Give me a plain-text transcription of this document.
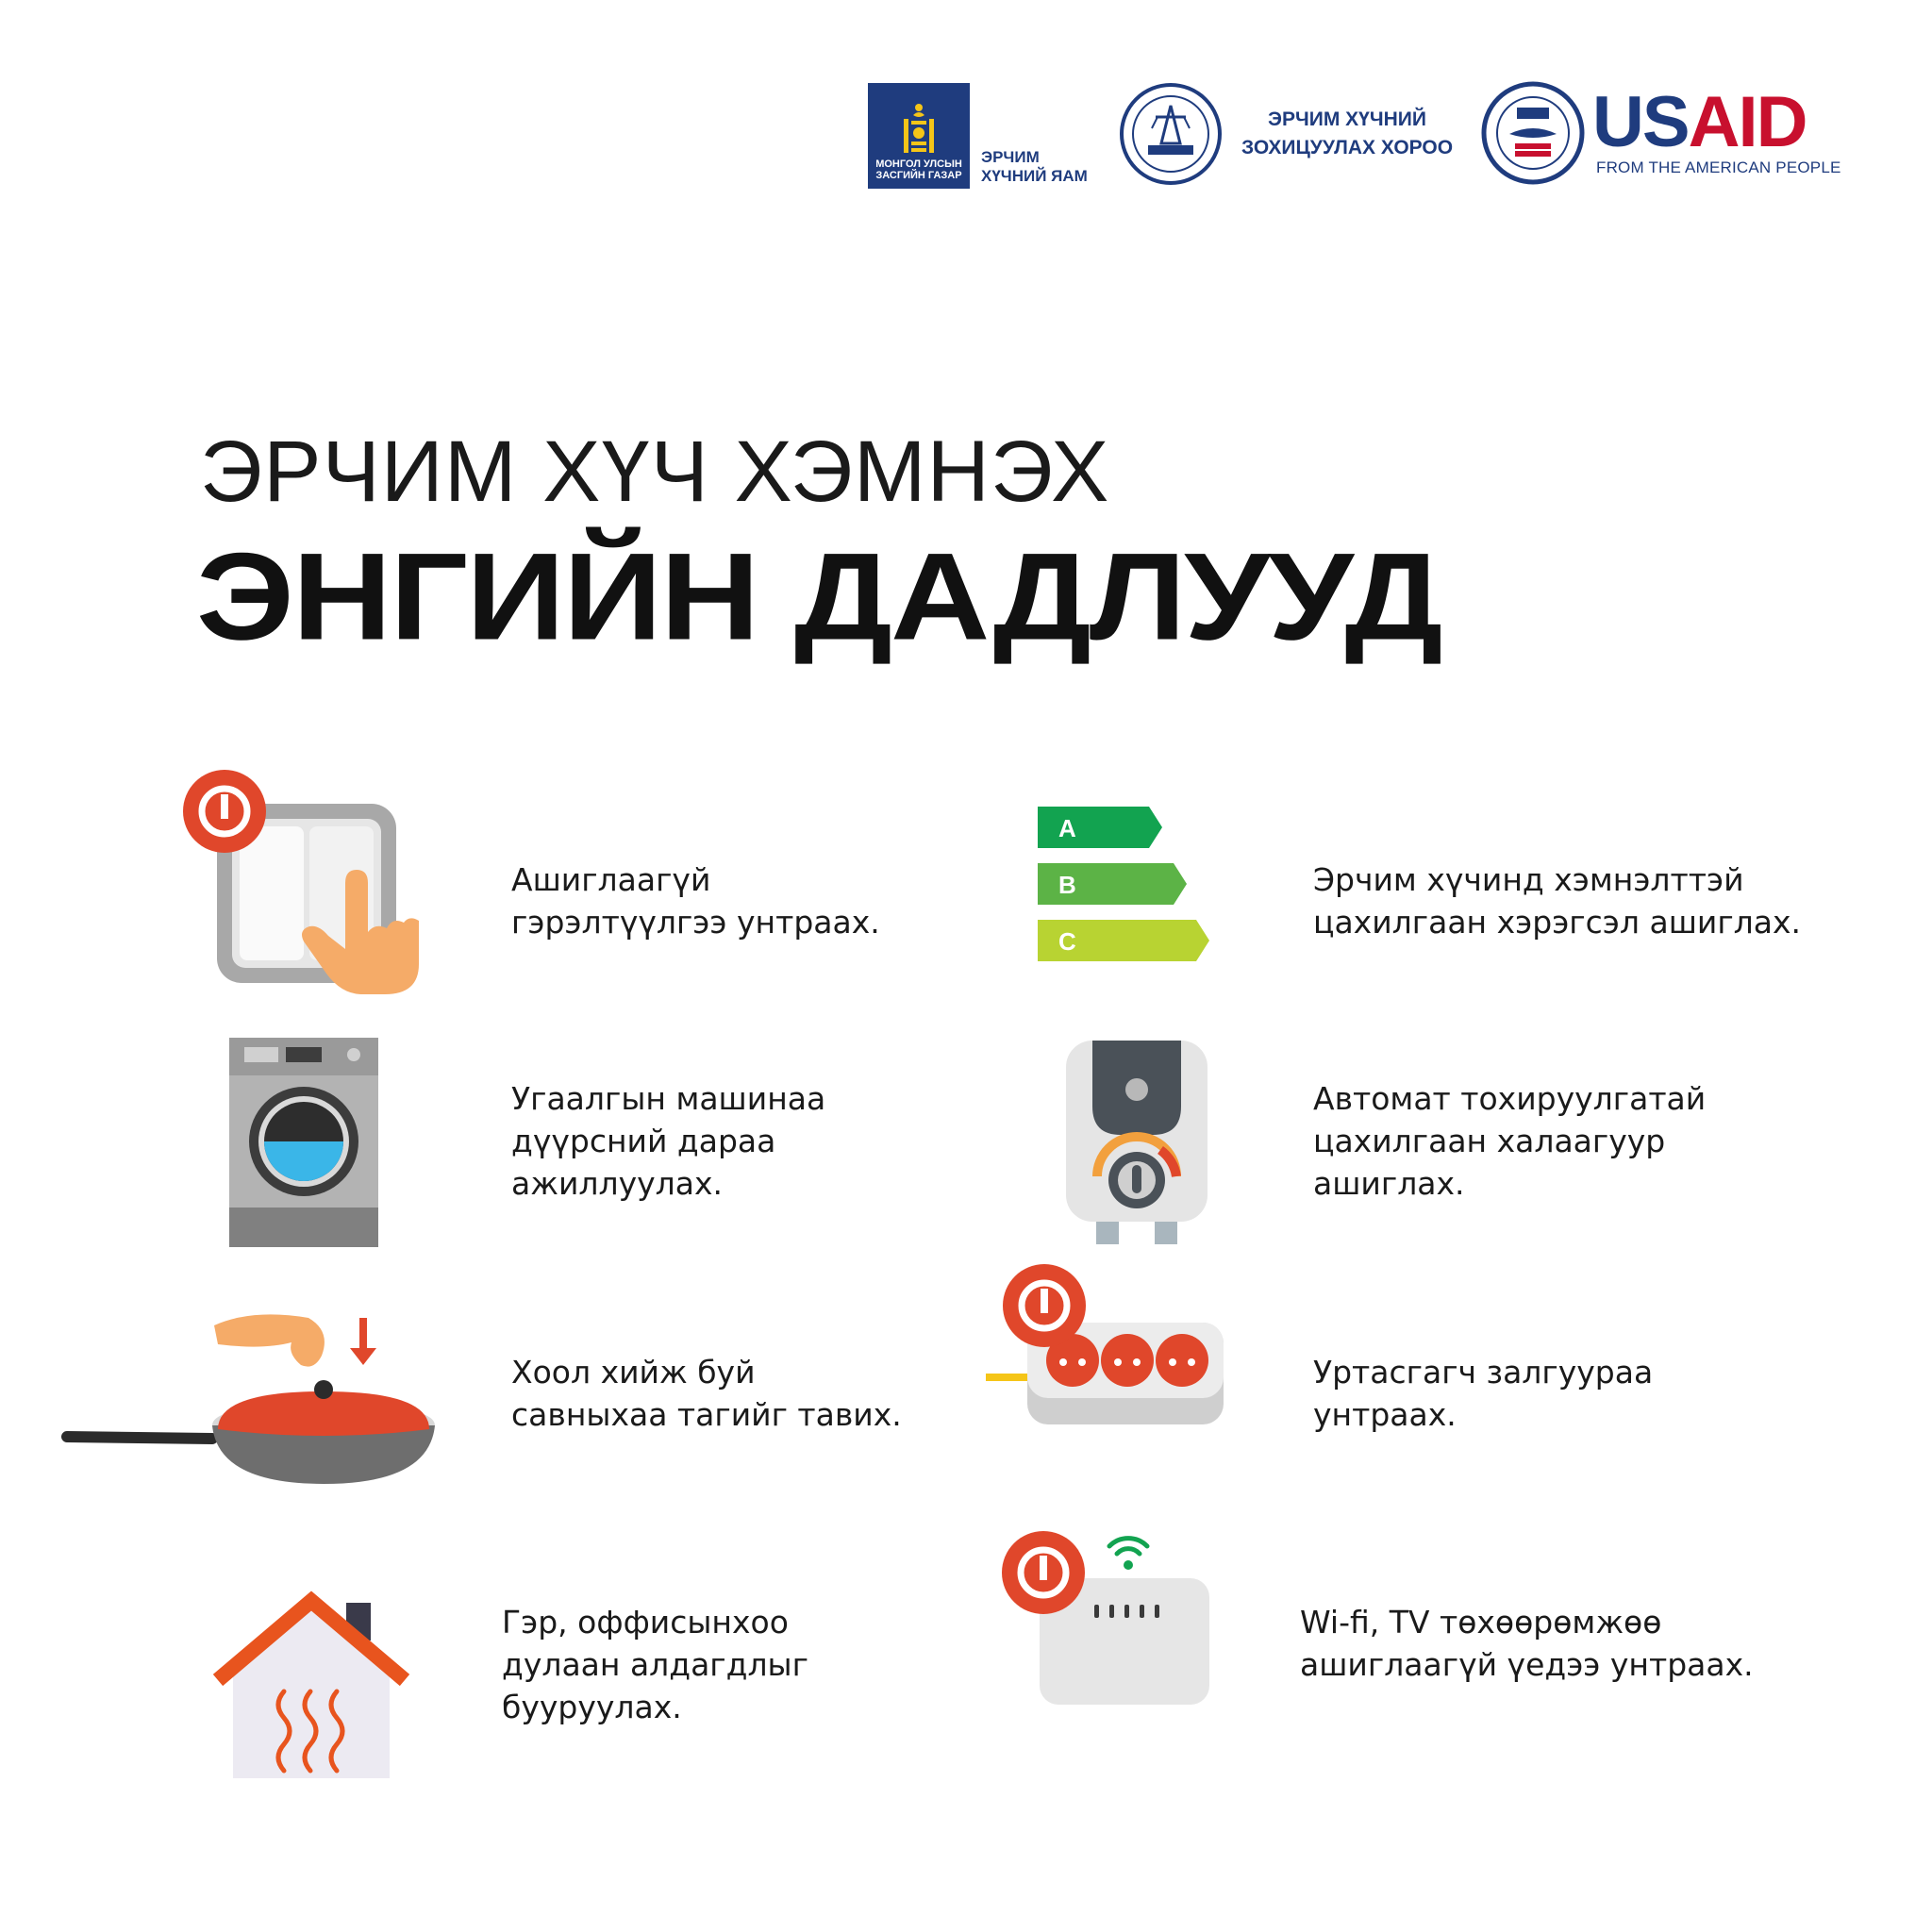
МОНГОЛ УЛСЫН
ЗАСГИЙН ГАЗАР
ЭРЧИМ
ХҮЧНИЙ ЯАМ
ЭРЧИМ ХҮЧНИЙ
ЗОХИЦУУЛАХ ХОРОО USAID
FROM THE AMERICAN PEOPLE
ЭРЧИМ ХҮЧ ХЭМНЭХ
ЭНГИЙН ДАДЛУУД
Ашиглаагүй
гэрэлтүүлгээ унтраах.
A
B
C
Эрчим хүчинд хэмнэлттэй
цахилгаан хэрэгсэл ашиглах.
Угаалгын машинаа
дүүрсний дараа
ажиллуулах.
Автомат тохируулгатай
цахилгаан халаагуур
ашиглах.
Хоол хийж буй
савныхаа тагийг тавих.
Уртасгагч залгуураа
унтраах.
Гэр, оффисынхоо
дулаан алдагдлыг
бууруулах.
Wi-fi, TV төхөөрөмжөө
ашиглаагүй үедээ унтраах.
